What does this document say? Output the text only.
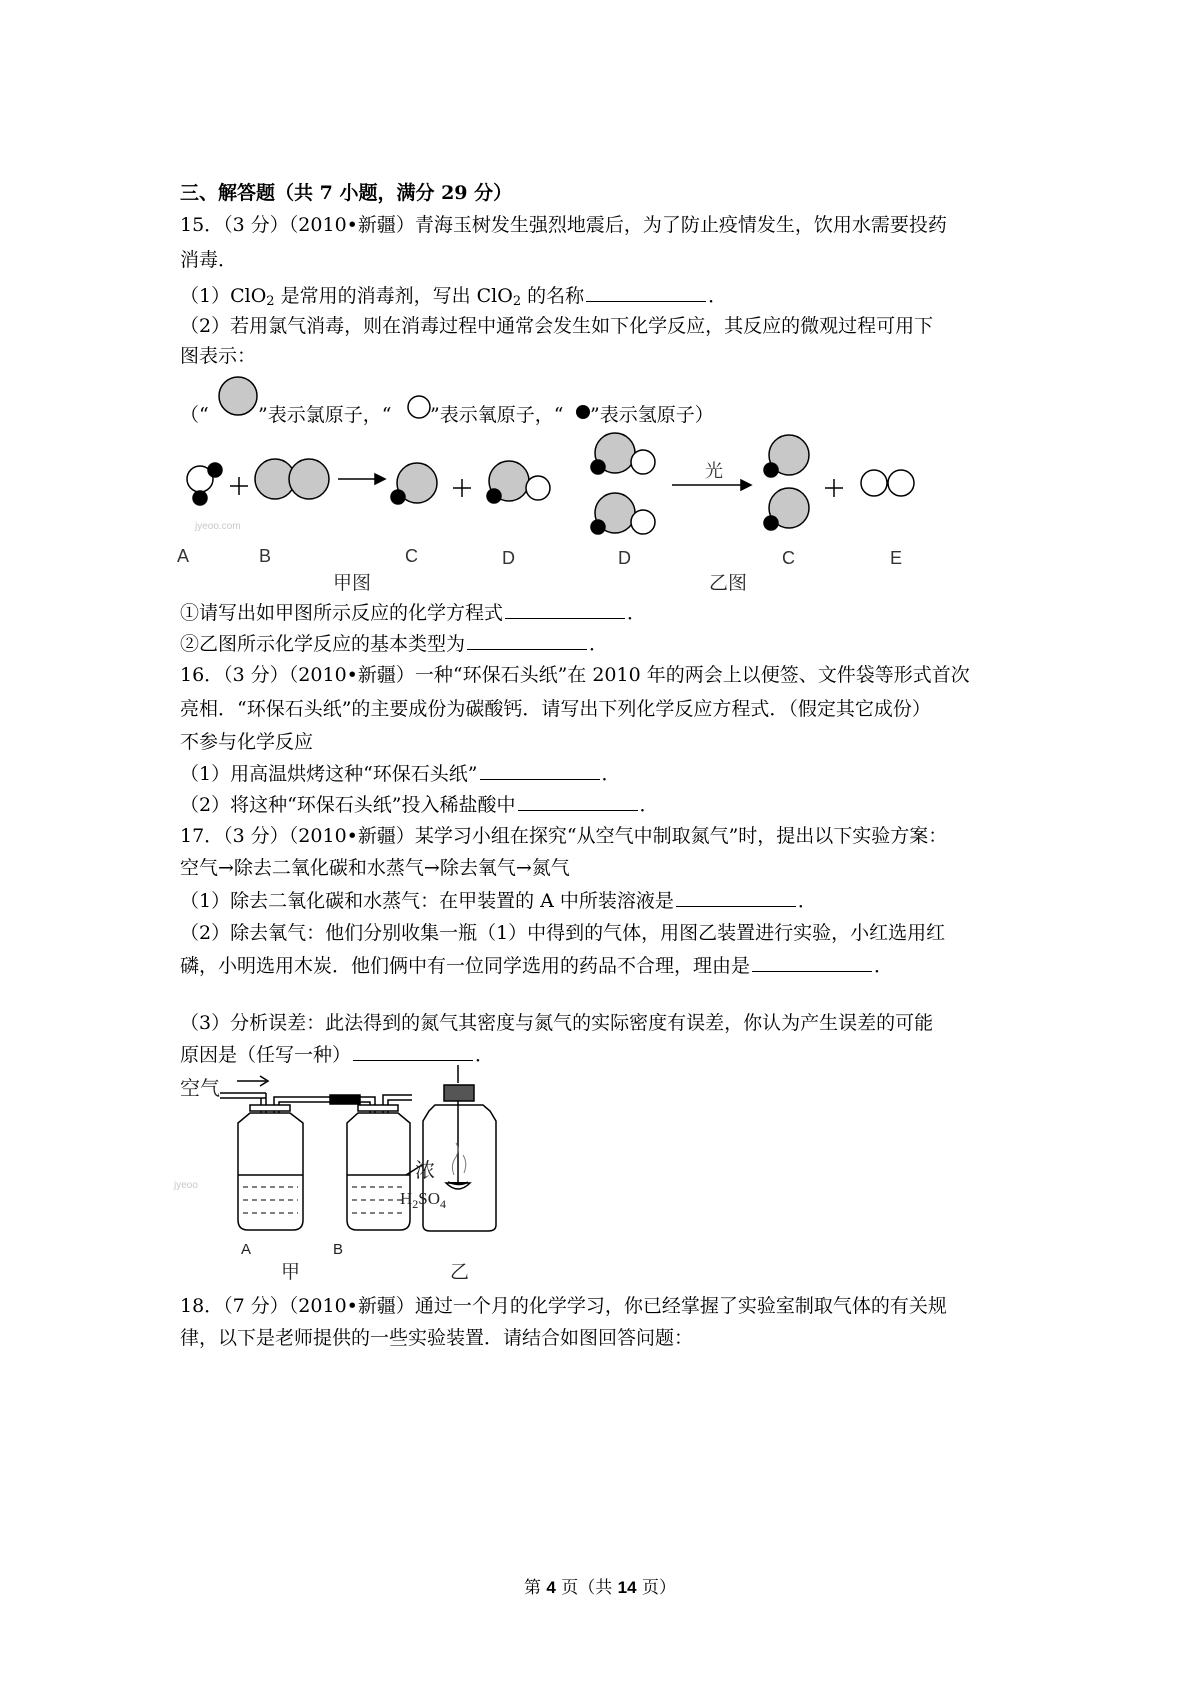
三、解答题（共 7 小题，满分 29 分）
15．（3 分）（2010•新疆）青海玉树发生强烈地震后，为了防止疫情发生，饮用水需要投药
消毒．
（1）ClO$_2$ 是常用的消毒剂，写出 ClO$_2$ 的名称	．
（2）若用氯气消毒，则在消毒过程中通常会发生如下化学反应，其反应的微观过程可用下
图表示：
（“	”表示氯原子，“ ”表示氧原子，“ ”表示氢原子）
光
A	B	C	D	D	C	E
甲图	乙图
jyeoo.com
①请写出如甲图所示反应的化学方程式	．
②乙图所示化学反应的基本类型为	．
16．（3 分）（2010•新疆）一种“环保石头纸”在 2010 年的两会上以便签、文件袋等形式首次
亮相．“环保石头纸”的主要成份为碳酸钙．请写出下列化学反应方程式．（假定其它成份）
不参与化学反应
（1）用高温烘烤这种“环保石头纸”	．
（2）将这种“环保石头纸”投入稀盐酸中	．
17．（3 分）（2010•新疆）某学习小组在探究“从空气中制取氮气”时，提出以下实验方案：
空气→除去二氧化碳和水蒸气→除去氧气→氮气
（1）除去二氧化碳和水蒸气：在甲装置的 A 中所装溶液是	．
（2）除去氧气：他们分别收集一瓶（1）中得到的气体，用图乙装置进行实验，小红选用红
磷，小明选用木炭．他们俩中有一位同学选用的药品不合理，理由是	．
（3）分析误差：此法得到的氮气其密度与氮气的实际密度有误差，你认为产生误差的可能
原因是（任写一种）	．
空气
浓
$H_2SO_4$
A	B
甲	乙
jyeoo
18．（7 分）（2010•新疆）通过一个月的化学学习，你已经掌握了实验室制取气体的有关规
律，以下是老师提供的一些实验装置．请结合如图回答问题：
第 4 页（共 14 页）
